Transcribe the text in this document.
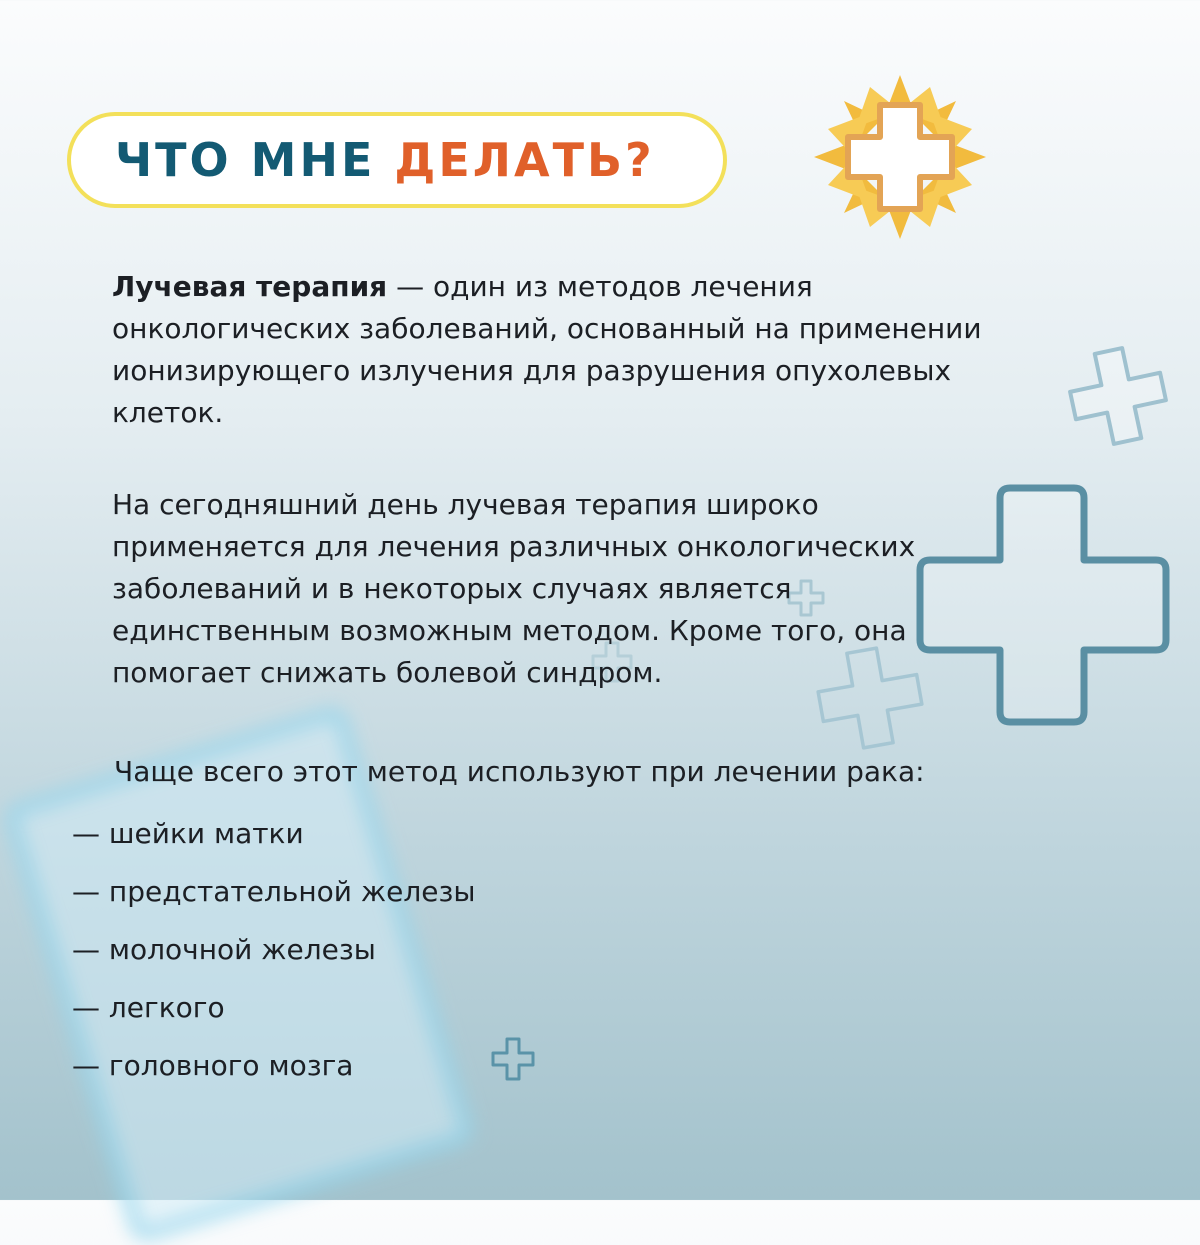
ЧТО МНЕ ДЕЛАТЬ?

Лучевая терапия — один из методов лечения онкологических заболеваний, основанный на применении ионизирующего излучения для разрушения опухолевых клеток.

На сегодняшний день лучевая терапия широко применяется для лечения различных онкологических заболеваний и в некоторых случаях является единственным возможным методом. Кроме того, она помогает снижать болевой синдром.

Чаще всего этот метод используют при лечении рака:

— шейки матки
— предстательной железы
— молочной железы
— легкого
— головного мозга
